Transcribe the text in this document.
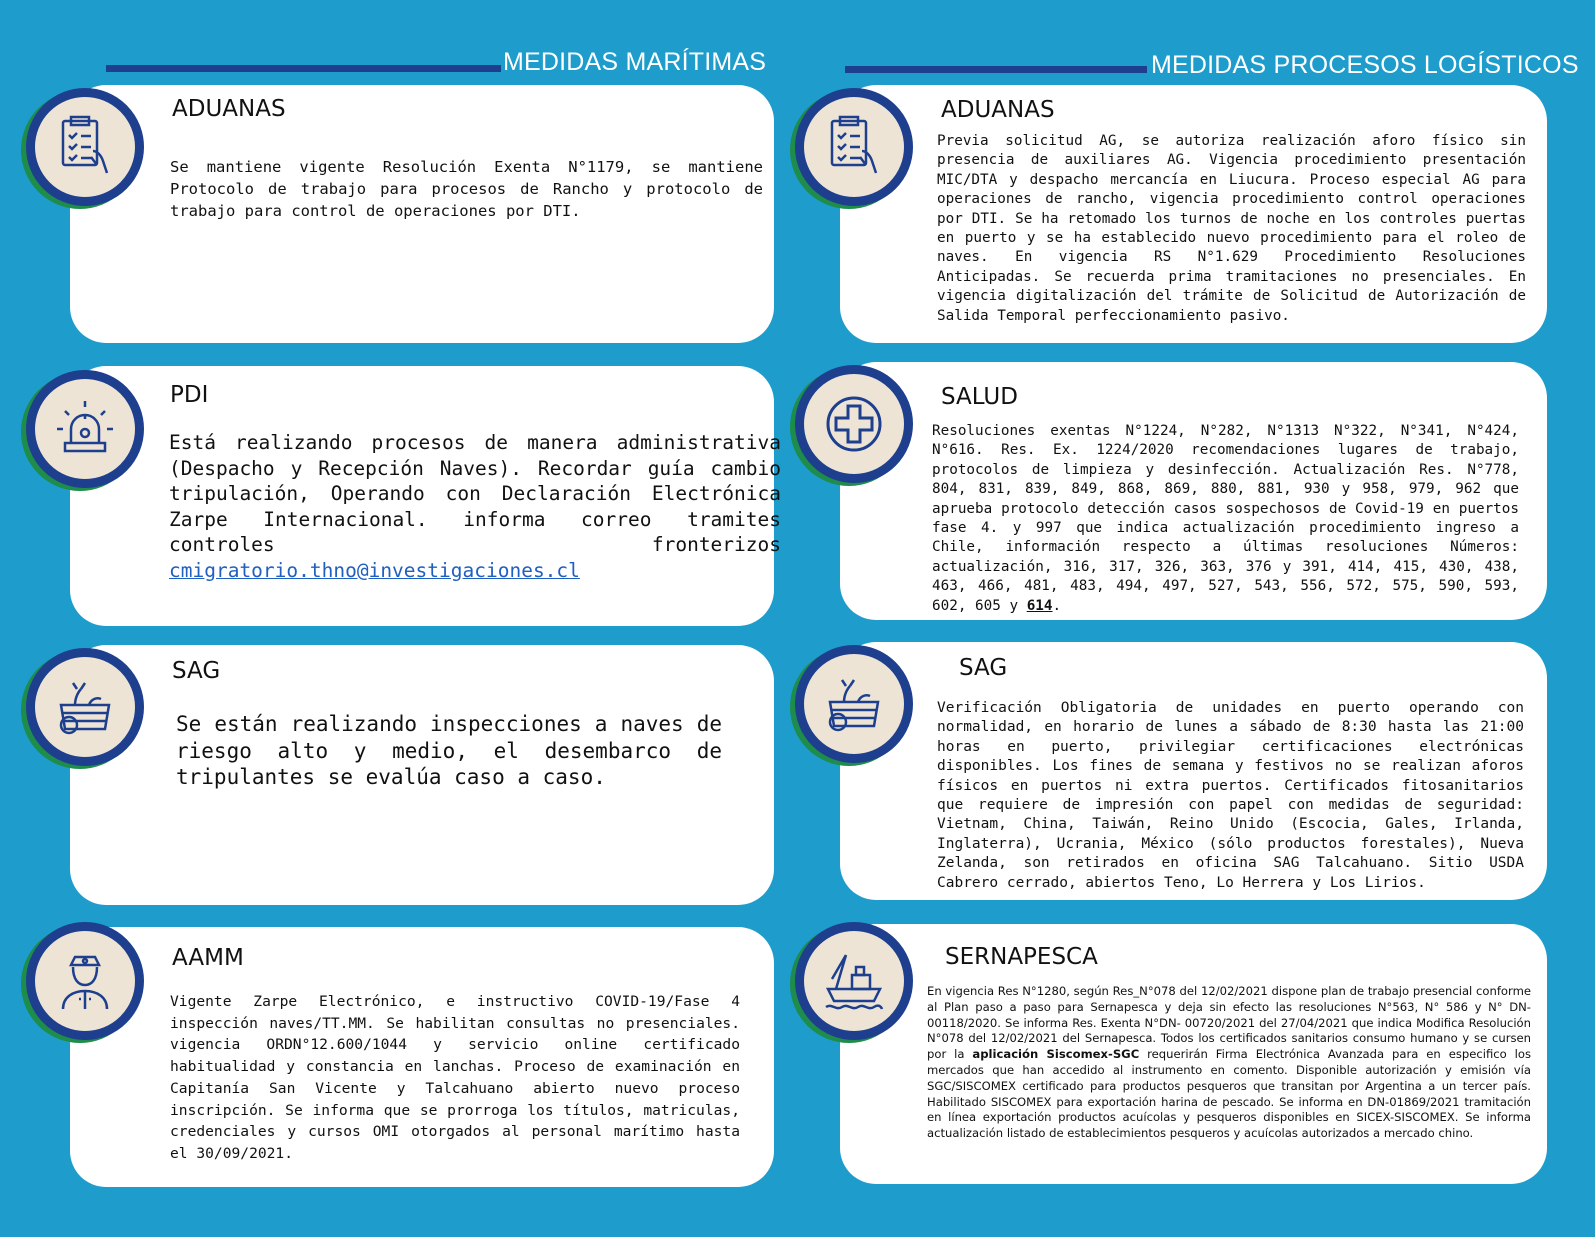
MEDIDAS MARÍTIMAS	MEDIDAS PROCESOS LOGÍSTICOS
ADUANAS
Se mantiene vigente Resolución Exenta N°1179, se mantiene Protocolo de trabajo para procesos de Rancho y protocolo de trabajo para control de operaciones por DTI.
PDI
Está realizando procesos de manera administrativa (Despacho y Recepción Naves). Recordar guía cambio tripulación, Operando con Declaración Electrónica Zarpe Internacional. informa correo tramites controles fronterizos cmigratorio.thno@investigaciones.cl
SAG
Se están realizando inspecciones a naves de riesgo alto y medio, el desembarco de tripulantes se evalúa caso a caso.
AAMM
Vigente Zarpe Electrónico, e instructivo COVID-19/Fase 4 inspección naves/TT.MM. Se habilitan consultas no presenciales. vigencia ORDN°12.600/1044 y servicio online certificado habitualidad y constancia en lanchas. Proceso de examinación en Capitanía San Vicente y Talcahuano abierto nuevo proceso inscripción. Se informa que se prorroga los títulos, matriculas, credenciales y cursos OMI otorgados al personal marítimo hasta el 30/09/2021.
ADUANAS
Previa solicitud AG, se autoriza realización aforo físico sin presencia de auxiliares AG. Vigencia procedimiento presentación MIC/DTA y despacho mercancía en Liucura. Proceso especial AG para operaciones de rancho, vigencia procedimiento control operaciones por DTI. Se ha retomado los turnos de noche en los controles puertas en puerto y se ha establecido nuevo procedimiento para el roleo de naves. En vigencia RS N°1.629 Procedimiento Resoluciones Anticipadas. Se recuerda prima tramitaciones no presenciales. En vigencia digitalización del trámite de Solicitud de Autorización de Salida Temporal perfeccionamiento pasivo.
SALUD
Resoluciones exentas N°1224, N°282, N°1313 N°322, N°341, N°424, N°616. Res. Ex. 1224/2020 recomendaciones lugares de trabajo, protocolos de limpieza y desinfección. Actualización Res. N°778, 804, 831, 839, 849, 868, 869, 880, 881, 930 y 958, 979, 962 que aprueba protocolo detección casos sospechosos de Covid-19 en puertos fase 4. y 997 que indica actualización procedimiento ingreso a Chile, información respecto a últimas resoluciones Números: actualización, 316, 317, 326, 363, 376 y 391, 414, 415, 430, 438, 463, 466, 481, 483, 494, 497, 527, 543, 556, 572, 575, 590, 593, 602, 605 y 614.
SAG
Verificación Obligatoria de unidades en puerto operando con normalidad, en horario de lunes a sábado de 8:30 hasta las 21:00 horas en puerto, privilegiar certificaciones electrónicas disponibles. Los fines de semana y festivos no se realizan aforos físicos en puertos ni extra puertos. Certificados fitosanitarios que requiere de impresión con papel con medidas de seguridad: Vietnam, China, Taiwán, Reino Unido (Escocia, Gales, Irlanda, Inglaterra), Ucrania, México (sólo productos forestales), Nueva Zelanda, son retirados en oficina SAG Talcahuano. Sitio USDA Cabrero cerrado, abiertos Teno, Lo Herrera y Los Lirios.
SERNAPESCA
En vigencia Res N°1280, según Res_N°078 del 12/02/2021 dispone plan de trabajo presencial conforme al Plan paso a paso para Sernapesca y deja sin efecto las resoluciones N°563, N° 586 y N° DN- 00118/2020. Se informa Res. Exenta N°DN- 00720/2021 del 27/04/2021 que indica Modifica Resolución N°078 del 12/02/2021 del Sernapesca. Todos los certificados sanitarios consumo humano y se cursen por la aplicación Siscomex-SGC requerirán Firma Electrónica Avanzada para en especifico los mercados que han accedido al instrumento en comento. Disponible autorización y emisión vía SGC/SISCOMEX certificado para productos pesqueros que transitan por Argentina a un tercer país. Habilitado SISCOMEX para exportación harina de pescado. Se informa en DN-01869/2021 tramitación en línea exportación productos acuícolas y pesqueros disponibles en SICEX-SISCOMEX. Se informa actualización listado de establecimientos pesqueros y acuícolas autorizados a mercado chino.
